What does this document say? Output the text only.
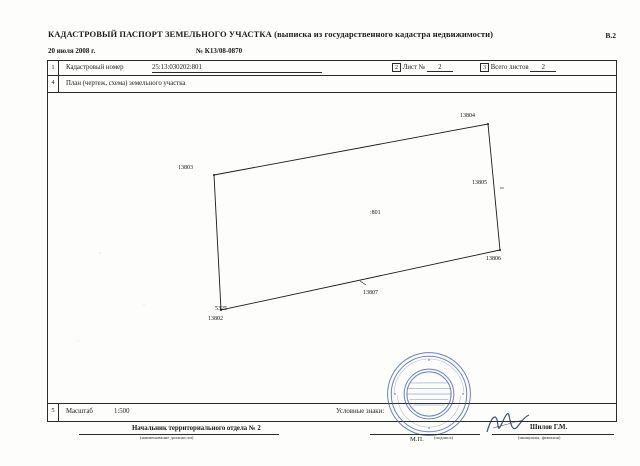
КАДАСТРОВЫЙ ПАСПОРТ ЗЕМЕЛЬНОГО УЧАСТКА (выписка из государственного кадастра недвижимости)	В.2
20 июля 2008 г.	№ К13/08-0870
1	Кадастровый номер	25:13:030202:801	2 Лист № 2	3 Всего листов 2
4	План (чертеж, схема) земельного участка
:801
13804
13803
13805
13806
13807
5325
13802
5	Масштаб	1:500	Условные знаки:
Начальник территориального отдела № 2
(наименование должности)	М.П. (подпись)
Шилов Г.М.
(инициалы, фамилия)
